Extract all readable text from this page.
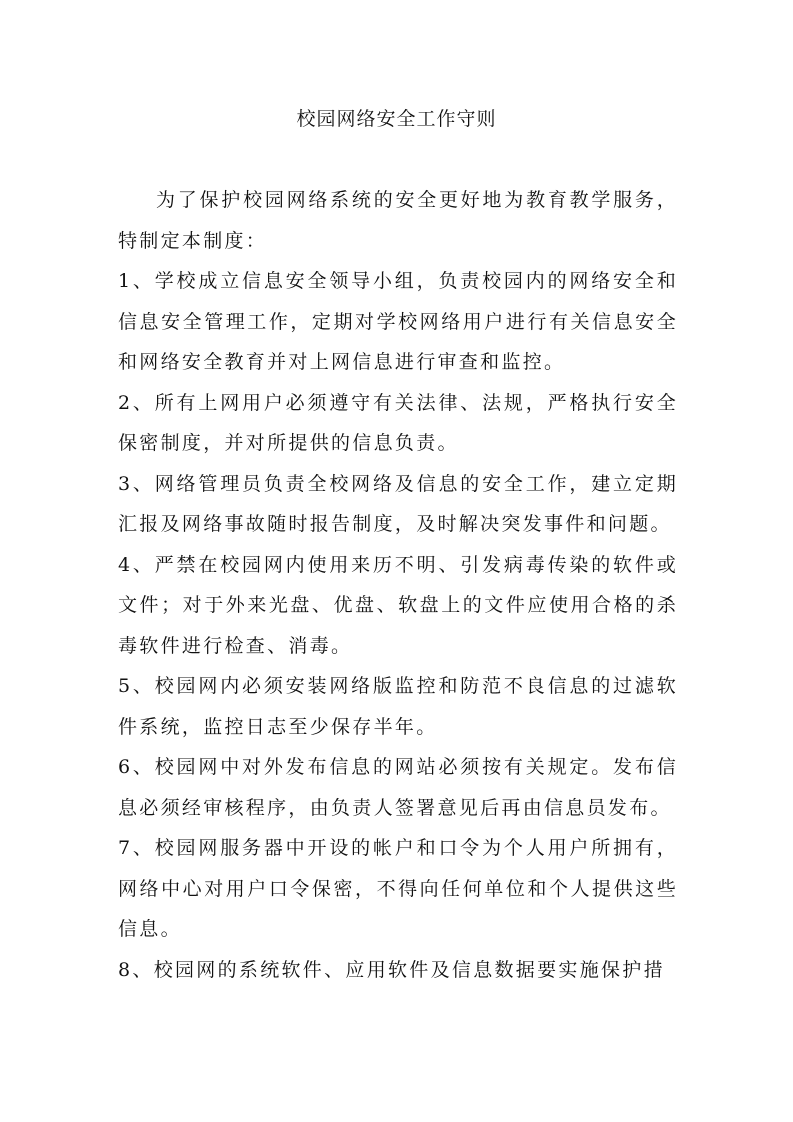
校园网络安全工作守则

为了保护校园网络系统的安全更好地为教育教学服务，特制定本制度：

1、学校成立信息安全领导小组，负责校园内的网络安全和信息安全管理工作，定期对学校网络用户进行有关信息安全和网络安全教育并对上网信息进行审查和监控。

2、所有上网用户必须遵守有关法律、法规，严格执行安全保密制度，并对所提供的信息负责。

3、网络管理员负责全校网络及信息的安全工作，建立定期汇报及网络事故随时报告制度，及时解决突发事件和问题。

4、严禁在校园网内使用来历不明、引发病毒传染的软件或文件；对于外来光盘、优盘、软盘上的文件应使用合格的杀毒软件进行检查、消毒。

5、校园网内必须安装网络版监控和防范不良信息的过滤软件系统，监控日志至少保存半年。

6、校园网中对外发布信息的网站必须按有关规定。发布信息必须经审核程序，由负责人签署意见后再由信息员发布。

7、校园网服务器中开设的帐户和口令为个人用户所拥有，网络中心对用户口令保密，不得向任何单位和个人提供这些信息。

8、校园网的系统软件、应用软件及信息数据要实施保护措
